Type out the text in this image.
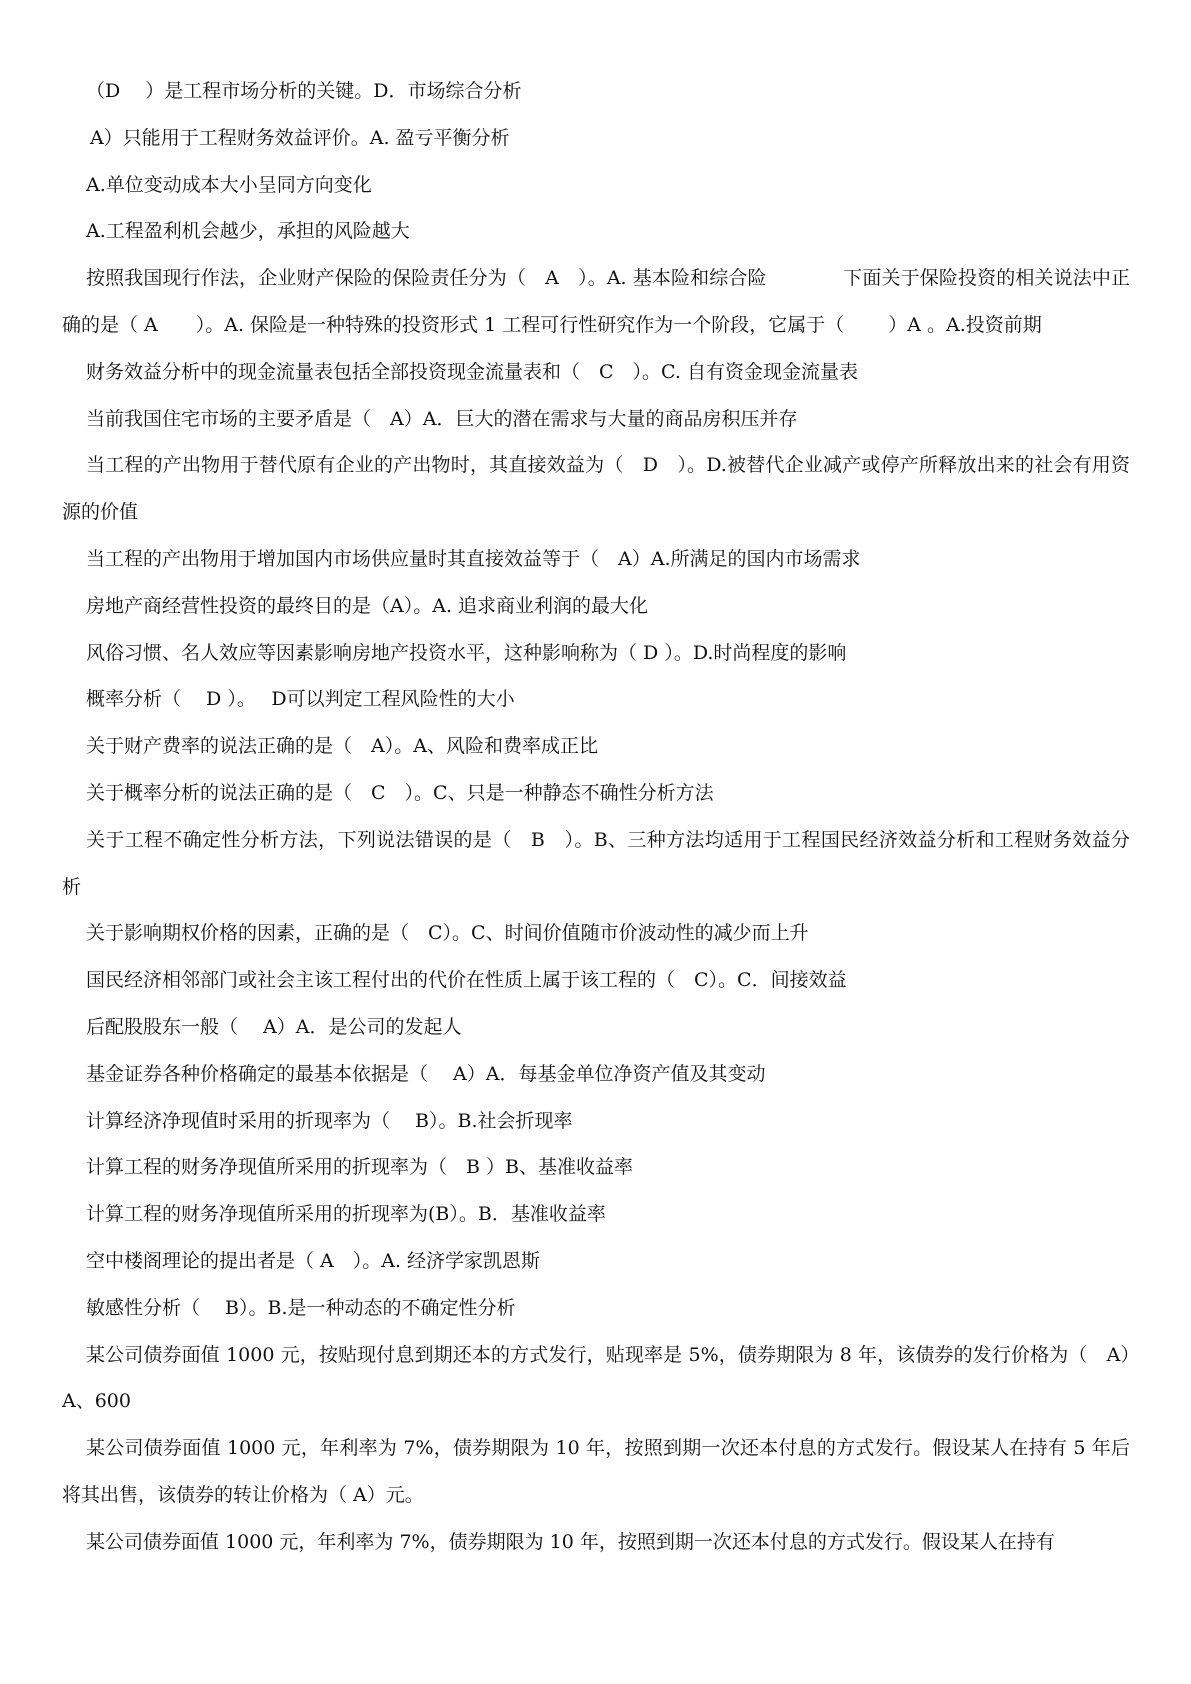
（D　 ）是工程市场分析的关键。D．市场综合分析

A）只能用于工程财务效益评价。A. 盈亏平衡分析

A.单位变动成本大小呈同方向变化

A.工程盈利机会越少，承担的风险越大

按照我国现行作法，企业财产保险的保险责任分为（　A　）。A. 基本险和综合险　　　　下面关于保险投资的相关说法中正确的是（ A　　）。A. 保险是一种特殊的投资形式 1 工程可行性研究作为一个阶段，它属于（　　 ）A 。A.投资前期

财务效益分析中的现金流量表包括全部投资现金流量表和（　C　）。C. 自有资金现金流量表

当前我国住宅市场的主要矛盾是（　A）A．巨大的潜在需求与大量的商品房积压并存

当工程的产出物用于替代原有企业的产出物时，其直接效益为（　D　）。D.被替代企业减产或停产所释放出来的社会有用资源的价值

当工程的产出物用于增加国内市场供应量时其直接效益等于（　A）A.所满足的国内市场需求

房地产商经营性投资的最终目的是（A）。A. 追求商业利润的最大化

风俗习惯、名人效应等因素影响房地产投资水平，这种影响称为（ D ）。D.时尚程度的影响

概率分析（　 D ）。　 D可以判定工程风险性的大小

关于财产费率的说法正确的是（　A）。A、风险和费率成正比

关于概率分析的说法正确的是（　C　）。C、只是一种静态不确性分析方法

关于工程不确定性分析方法，下列说法错误的是（　B　）。B、三种方法均适用于工程国民经济效益分析和工程财务效益分析

关于影响期权价格的因素，正确的是（　C）。C、时间价值随市价波动性的减少而上升

国民经济相邻部门或社会主该工程付出的代价在性质上属于该工程的（　C）。C．间接效益

后配股股东一般（　 A）A．是公司的发起人

基金证券各种价格确定的最基本依据是（　 A）A．每基金单位净资产值及其变动

计算经济净现值时采用的折现率为（　 B）。B.社会折现率

计算工程的财务净现值所采用的折现率为（　B ）B、基准收益率

计算工程的财务净现值所采用的折现率为(B）。B．基准收益率

空中楼阁理论的提出者是（ A　）。A. 经济学家凯恩斯

敏感性分析（　 B）。B.是一种动态的不确定性分析

某公司债券面值 1000 元，按贴现付息到期还本的方式发行，贴现率是 5%，债券期限为 8 年，该债券的发行价格为（　A）A、600

某公司债券面值 1000 元，年利率为 7%，债券期限为 10 年，按照到期一次还本付息的方式发行。假设某人在持有 5 年后将其出售，该债券的转让价格为（ A）元。

某公司债券面值 1000 元，年利率为 7%，债券期限为 10 年，按照到期一次还本付息的方式发行。假设某人在持有
